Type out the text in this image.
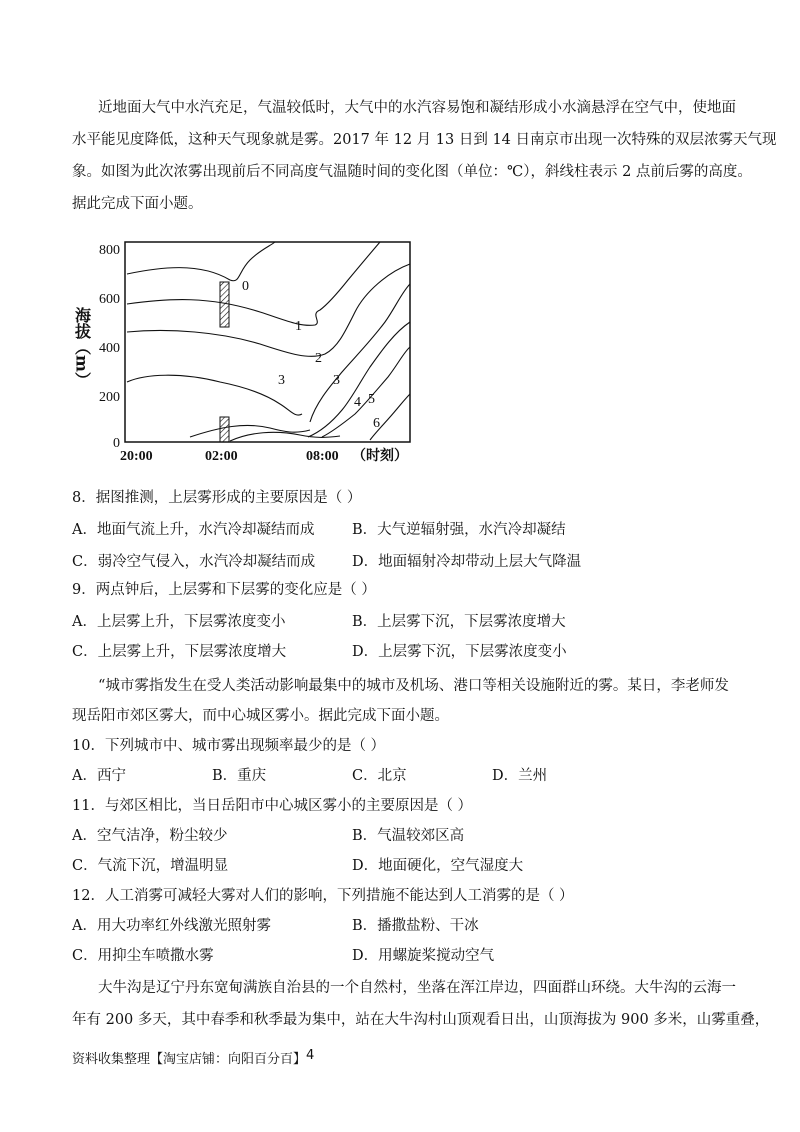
近地面大气中水汽充足，气温较低时，大气中的水汽容易饱和凝结形成小水滴悬浮在空气中，使地面
水平能见度降低，这种天气现象就是雾。2017 年 12 月 13 日到 14 日南京市出现一次特殊的双层浓雾天气现
象。如图为此次浓雾出现前后不同高度气温随时间的变化图（单位：℃），斜线柱表示 2 点前后雾的高度。
据此完成下面小题。
800
600
400
200
0
海拔（m）
20:00	02:00	08:00 （时刻）
0
1
2
3	3
4 5
6
8．据图推测，上层雾形成的主要原因是（ ）
A．地面气流上升，水汽冷却凝结而成	B．大气逆辐射强，水汽冷却凝结
C．弱冷空气侵入，水汽冷却凝结而成	D．地面辐射冷却带动上层大气降温
9．两点钟后，上层雾和下层雾的变化应是（ ）
A．上层雾上升，下层雾浓度变小	B．上层雾下沉，下层雾浓度增大
C．上层雾上升，下层雾浓度增大	D．上层雾下沉，下层雾浓度变小
“城市雾指发生在受人类活动影响最集中的城市及机场、港口等相关设施附近的雾。某日，李老师发
现岳阳市郊区雾大，而中心城区雾小。据此完成下面小题。
10．下列城市中、城市雾出现频率最少的是（ ）
A．西宁	B．重庆	C．北京	D．兰州
11．与郊区相比，当日岳阳市中心城区雾小的主要原因是（ ）
A．空气洁净，粉尘较少	B．气温较郊区高
C．气流下沉，增温明显	D．地面硬化，空气湿度大
12．人工消雾可减轻大雾对人们的影响，下列措施不能达到人工消雾的是（ ）
A．用大功率红外线激光照射雾	B．播撒盐粉、干冰
C．用抑尘车喷撒水雾	D．用螺旋桨搅动空气
大牛沟是辽宁丹东宽甸满族自治县的一个自然村，坐落在浑江岸边，四面群山环绕。大牛沟的云海一
年有 200 多天，其中春季和秋季最为集中，站在大牛沟村山顶观看日出，山顶海拔为 900 多米，山雾重叠，
资料收集整理【淘宝店铺：向阳百分百】 4
